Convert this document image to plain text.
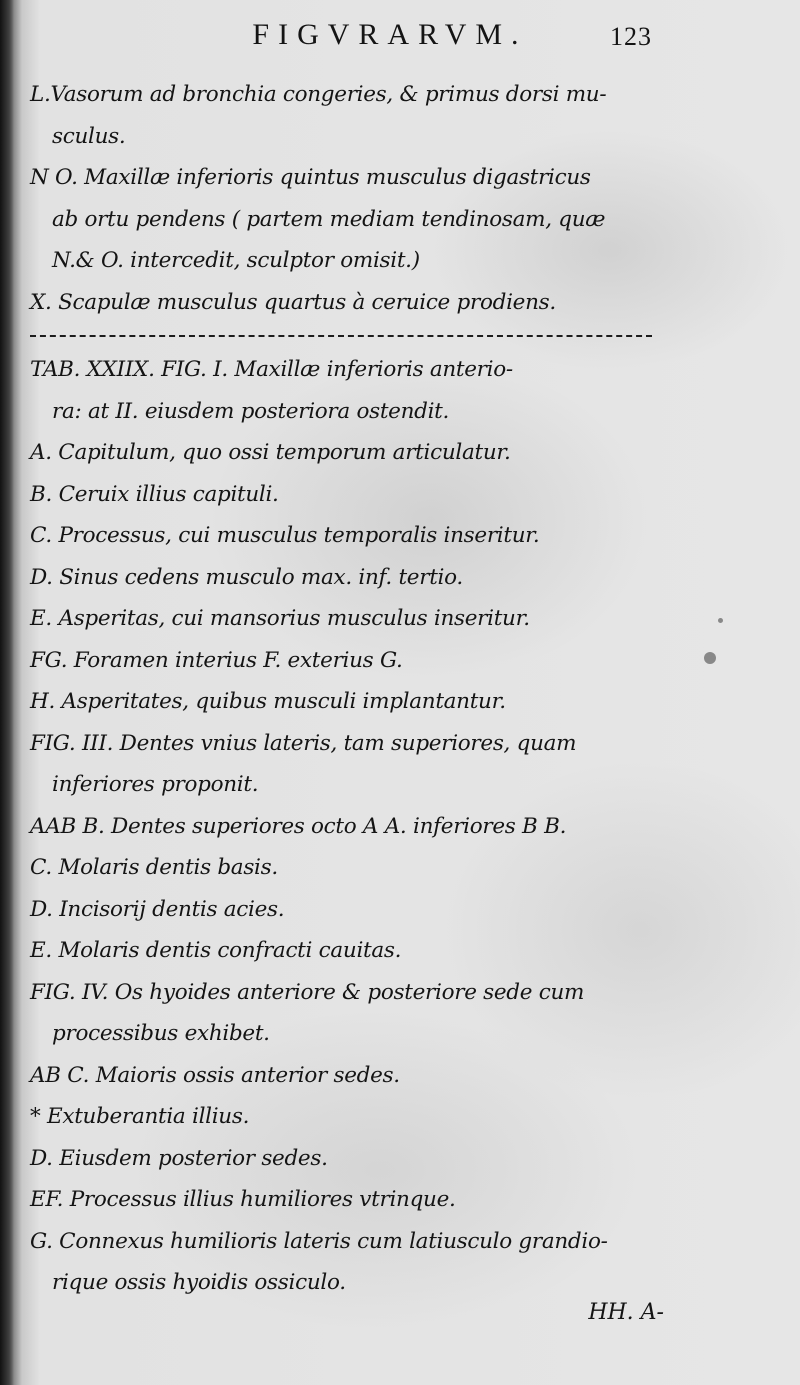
FIGVRARVM.	123
L.Vasorum ad bronchia congeries, & primus dorsi mu-
sculus.
N O. Maxillæ inferioris quintus musculus digastricus
ab ortu pendens ( partem mediam tendinosam, quæ
N.& O. intercedit, sculptor omisit.)
X. Scapulæ musculus quartus à ceruice prodiens.
TAB. XXIIX. FIG. I. Maxillæ inferioris anterio-
ra: at II. eiusdem posteriora ostendit.
A. Capitulum, quo ossi temporum articulatur.
B. Ceruix illius capituli.
C. Processus, cui musculus temporalis inseritur.
D. Sinus cedens musculo max. inf. tertio.
E. Asperitas, cui mansorius musculus inseritur.
FG. Foramen interius F. exterius G.
H. Asperitates, quibus musculi implantantur.
FIG. III. Dentes vnius lateris, tam superiores, quam
inferiores proponit.
AAB B. Dentes superiores octo A A. inferiores B B.
C. Molaris dentis basis.
D. Incisorij dentis acies.
E. Molaris dentis confracti cauitas.
FIG. IV. Os hyoides anteriore & posteriore sede cum
processibus exhibet.
AB C. Maioris ossis anterior sedes.
* Extuberantia illius.
D. Eiusdem posterior sedes.
EF. Processus illius humiliores vtrinque.
G. Connexus humilioris lateris cum latiusculo grandio-
rique ossis hyoidis ossiculo.
HH. A-
